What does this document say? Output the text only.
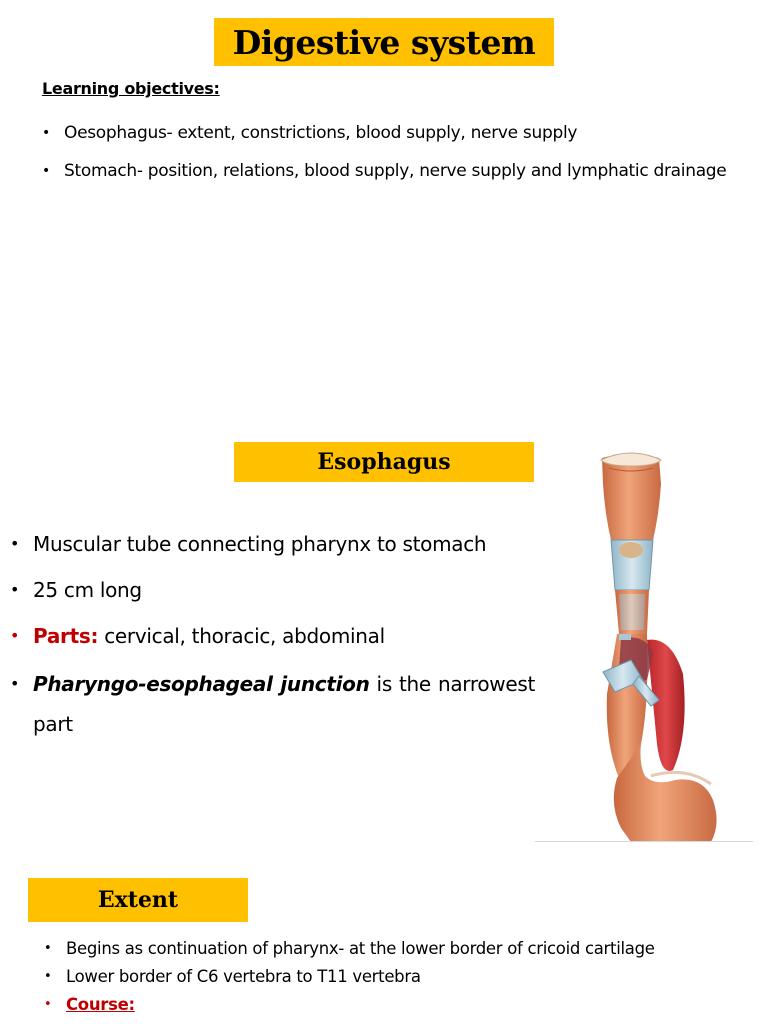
Digestive system
Learning objectives:
• Oesophagus- extent, constrictions, blood supply, nerve supply
• Stomach- position, relations, blood supply, nerve supply and lymphatic drainage
Esophagus
• Muscular tube connecting pharynx to stomach
• 25 cm long
• Parts: cervical, thoracic, abdominal
• Pharyngo-esophageal junction is the narrowest part
Extent
• Begins as continuation of pharynx- at the lower border of cricoid cartilage
• Lower border of C6 vertebra to T11 vertebra
• Course:
